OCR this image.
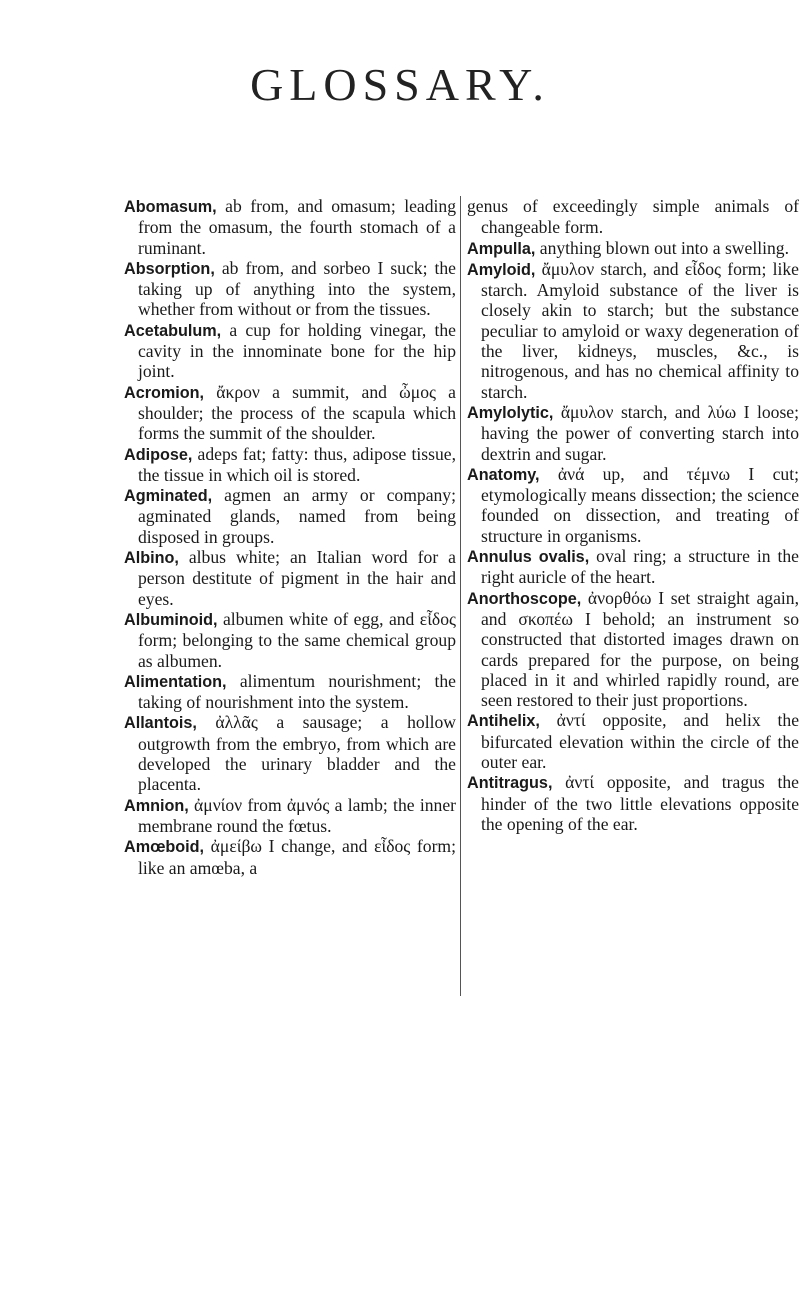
GLOSSARY.

Abomasum, ab from, and omasum; leading from the omasum, the fourth stomach of a ruminant.

Absorption, ab from, and sorbeo I suck; the taking up of anything into the system, whether from without or from the tissues.

Acetabulum, a cup for holding vinegar, the cavity in the innominate bone for the hip joint.

Acromion, ἄκρον a summit, and ὦμος a shoulder; the process of the scapula which forms the summit of the shoulder.

Adipose, adeps fat; fatty: thus, adipose tissue, the tissue in which oil is stored.

Agminated, agmen an army or company; agminated glands, named from being disposed in groups.

Albino, albus white; an Italian word for a person destitute of pigment in the hair and eyes.

Albuminoid, albumen white of egg, and εἶδος form; belonging to the same chemical group as albumen.

Alimentation, alimentum nourishment; the taking of nourishment into the system.

Allantois, ἀλλᾶς a sausage; a hollow outgrowth from the embryo, from which are developed the urinary bladder and the placenta.

Amnion, ἀμνίον from ἀμνός a lamb; the inner membrane round the fœtus.

Amœboid, ἀμείβω I change, and εἶδος form; like an amœba, a

genus of exceedingly simple animals of changeable form.

Ampulla, anything blown out into a swelling.

Amyloid, ἄμυλον starch, and εἶδος form; like starch. Amyloid substance of the liver is closely akin to starch; but the substance peculiar to amyloid or waxy degeneration of the liver, kidneys, muscles, &c., is nitrogenous, and has no chemical affinity to starch.

Amylolytic, ἄμυλον starch, and λύω I loose; having the power of converting starch into dextrin and sugar.

Anatomy, ἀνά up, and τέμνω I cut; etymologically means dissection; the science founded on dissection, and treating of structure in organisms.

Annulus ovalis, oval ring; a structure in the right auricle of the heart.

Anorthoscope, ἀνορθόω I set straight again, and σκοπέω I behold; an instrument so constructed that distorted images drawn on cards prepared for the purpose, on being placed in it and whirled rapidly round, are seen restored to their just proportions.

Antihelix, ἀντί opposite, and helix the bifurcated elevation within the circle of the outer ear.

Antitragus, ἀντί opposite, and tragus the hinder of the two little elevations opposite the opening of the ear.
